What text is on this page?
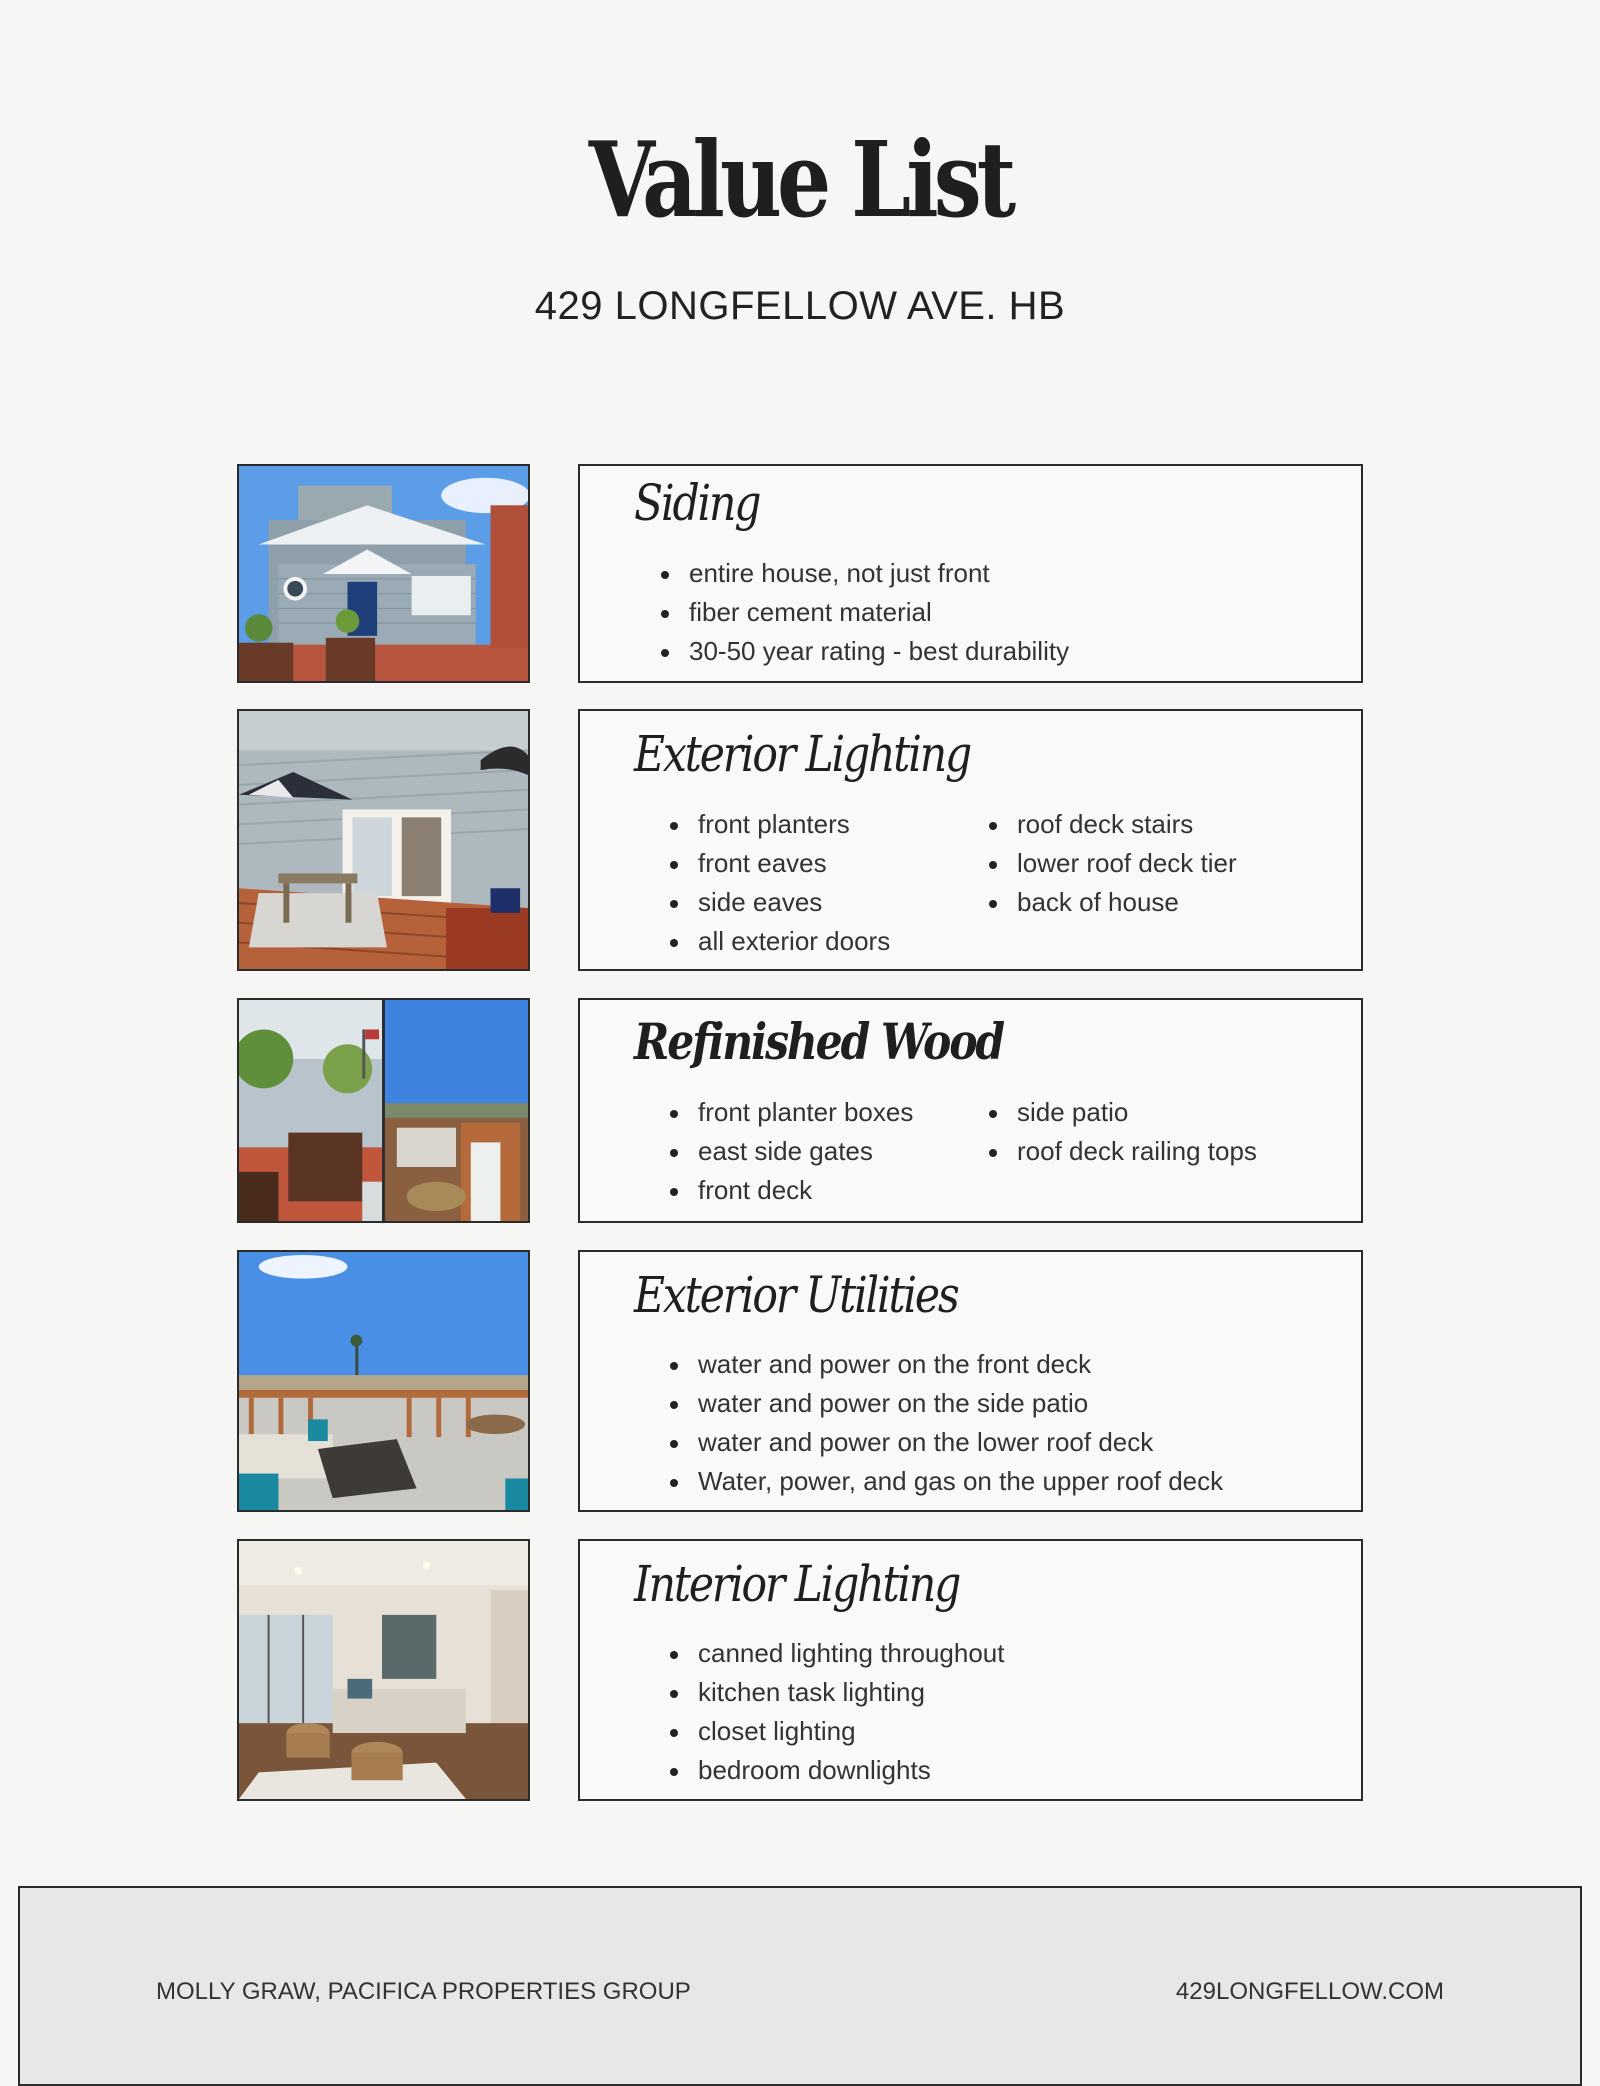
Value List
429 LONGFELLOW AVE. HB
Siding
entire house, not just front
fiber cement material
30-50 year rating - best durability
Exterior Lighting
front planters
front eaves
side eaves
all exterior doors
roof deck stairs
lower roof deck tier
back of house
Refinished Wood
front planter boxes
east side gates
front deck
side patio
roof deck railing tops
Exterior Utilities
water and power on the front deck
water and power on the side patio
water and power on the lower roof deck
Water, power, and gas on the upper roof deck
Interior Lighting
canned lighting throughout
kitchen task lighting
closet lighting
bedroom downlights
MOLLY GRAW, PACIFICA PROPERTIES GROUP	429LONGFELLOW.COM
